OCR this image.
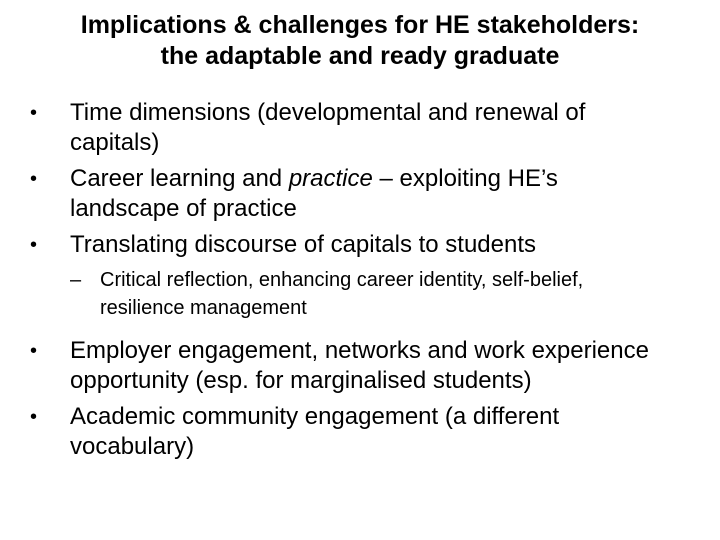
Implications & challenges for HE stakeholders:
the adaptable and ready graduate
•	Time dimensions (developmental and renewal of capitals)
•	Career learning and practice – exploiting HE’s landscape of practice
•	Translating discourse of capitals to students
– Critical reflection, enhancing career identity, self-belief, resilience management
•	Employer engagement, networks and work experience opportunity (esp. for marginalised students)
•	Academic community engagement (a different vocabulary)
